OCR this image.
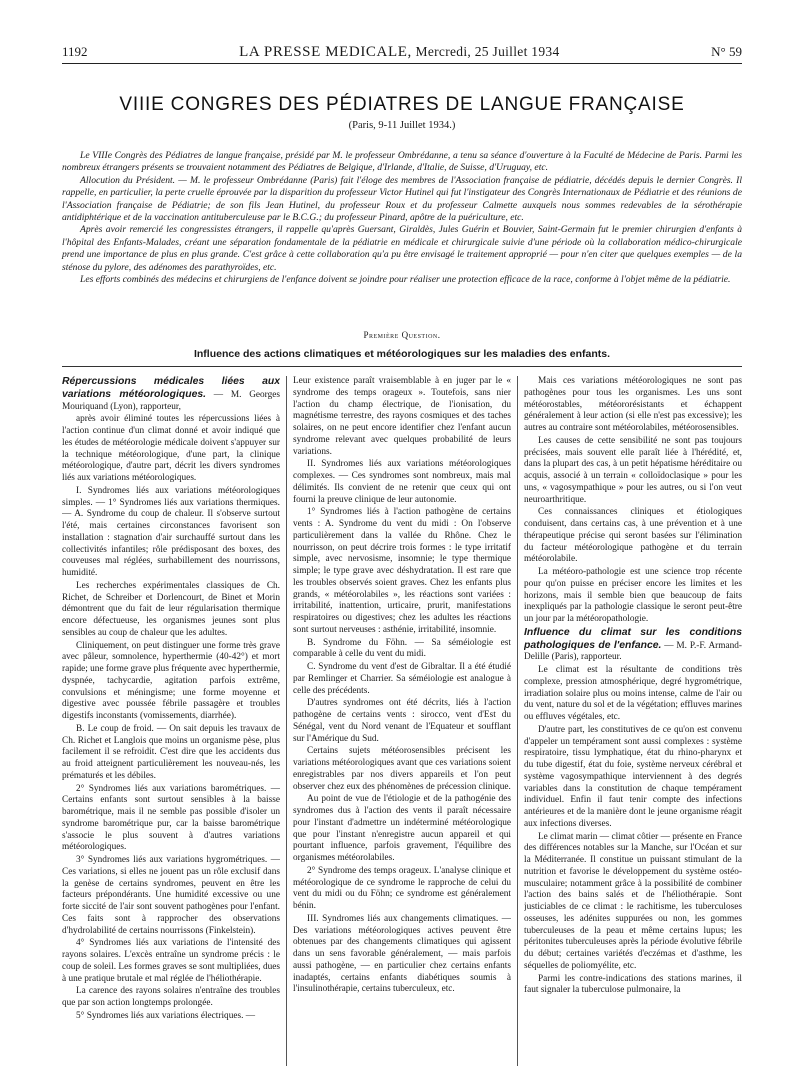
1192	LA PRESSE MEDICALE, Mercredi, 25 Juillet 1934	N° 59
VIIIE CONGRES DES PÉDIATRES DE LANGUE FRANÇAISE
(Paris, 9-11 Juillet 1934.)

Le VIIIe Congrès des Pédiatres de langue française, présidé par M. le professeur Ombrédanne, a tenu sa séance d'ouverture à la Faculté de Médecine de Paris. Parmi les nombreux étrangers présents se trouvaient notamment des Pédiatres de Belgique, d'Irlande, d'Italie, de Suisse, d'Uruguay, etc.

Allocution du Président. — M. le professeur Ombrédanne (Paris) fait l'éloge des membres de l'Association française de pédiatrie, décédés depuis le dernier Congrès. Il rappelle, en particulier, la perte cruelle éprouvée par la disparition du professeur Victor Hutinel qui fut l'instigateur des Congrès Internationaux de Pédiatrie et des réunions de l'Association française de Pédiatrie; de son fils Jean Hutinel, du professeur Roux et du professeur Calmette auxquels nous sommes redevables de la sérothérapie antidiphtérique et de la vaccination antituberculeuse par le B.C.G.; du professeur Pinard, apôtre de la puériculture, etc.

Après avoir remercié les congressistes étrangers, il rappelle qu'après Guersant, Giraldès, Jules Guérin et Bouvier, Saint-Germain fut le premier chirurgien d'enfants à l'hôpital des Enfants-Malades, créant une séparation fondamentale de la pédiatrie en médicale et chirurgicale suivie d'une période où la collaboration médico-chirurgicale prend une importance de plus en plus grande. C'est grâce à cette collaboration qu'a pu être envisagé le traitement approprié — pour n'en citer que quelques exemples — de la sténose du pylore, des adénomes des parathyroïdes, etc.

Les efforts combinés des médecins et chirurgiens de l'enfance doivent se joindre pour réaliser une protection efficace de la race, conforme à l'objet même de la pédiatrie.

Première Question.
Influence des actions climatiques et météorologiques sur les maladies des enfants.

Répercussions médicales liées aux variations météorologiques. — M. Georges Mouriquand (Lyon), rapporteur,

après avoir éliminé toutes les répercussions liées à l'action continue d'un climat donné et avoir indiqué que les études de météorologie médicale doivent s'appuyer sur la technique météorologique, d'une part, la clinique météorologique, d'autre part, décrit les divers syndromes liés aux variations météorologiques.

I. Syndromes liés aux variations météorologiques simples. — 1° Syndromes liés aux variations thermiques. — A. Syndrome du coup de chaleur. Il s'observe surtout l'été, mais certaines circonstances favorisent son installation : stagnation d'air surchauffé surtout dans les collectivités infantiles; rôle prédisposant des boxes, des couveuses mal réglées, surhabillement des nourrissons, humidité.

Les recherches expérimentales classiques de Ch. Richet, de Schreiber et Dorlencourt, de Binet et Morin démontrent que du fait de leur régularisation thermique encore défectueuse, les organismes jeunes sont plus sensibles au coup de chaleur que les adultes.

Cliniquement, on peut distinguer une forme très grave avec pâleur, somnolence, hyperthermie (40-42°) et mort rapide; une forme grave plus fréquente avec hyperthermie, dyspnée, tachycardie, agitation parfois extrême, convulsions et méningisme; une forme moyenne et digestive avec poussée fébrile passagère et troubles digestifs inconstants (vomissements, diarrhée).

B. Le coup de froid. — On sait depuis les travaux de Ch. Richet et Langlois que moins un organisme pèse, plus facilement il se refroidit. C'est dire que les accidents dus au froid atteignent particulièrement les nouveau-nés, les prématurés et les débiles.

2° Syndromes liés aux variations barométriques. — Certains enfants sont surtout sensibles à la baisse barométrique, mais il ne semble pas possible d'isoler un syndrome barométrique pur, car la baisse barométrique s'associe le plus souvent à d'autres variations météorologiques.

3° Syndromes liés aux variations hygrométriques. — Ces variations, si elles ne jouent pas un rôle exclusif dans la genèse de certains syndromes, peuvent en être les facteurs prépondérants. Une humidité excessive ou une forte siccité de l'air sont souvent pathogènes pour l'enfant. Ces faits sont à rapprocher des observations d'hydrolabilité de certains nourrissons (Finkelstein).

4° Syndromes liés aux variations de l'intensité des rayons solaires. L'excès entraîne un syndrome précis : le coup de soleil. Les formes graves se sont multipliées, dues à une pratique brutale et mal réglée de l'héliothérapie.

La carence des rayons solaires n'entraîne des troubles que par son action longtemps prolongée.

5° Syndromes liés aux variations électriques. —

Leur existence paraît vraisemblable à en juger par le « syndrome des temps orageux ». Toutefois, sans nier l'action du champ électrique, de l'ionisation, du magnétisme terrestre, des rayons cosmiques et des taches solaires, on ne peut encore identifier chez l'enfant aucun syndrome relevant avec quelques probabilité de leurs variations.

II. Syndromes liés aux variations météorologiques complexes. — Ces syndromes sont nombreux, mais mal délimités. Ils convient de ne retenir que ceux qui ont fourni la preuve clinique de leur autonomie.

1° Syndromes liés à l'action pathogène de certains vents : A. Syndrome du vent du midi : On l'observe particulièrement dans la vallée du Rhône. Chez le nourrisson, on peut décrire trois formes : le type irritatif simple, avec nervosisme, insomnie; le type thermique simple; le type grave avec déshydratation. Il est rare que les troubles observés soient graves. Chez les enfants plus grands, « météorolabiles », les réactions sont variées : irritabilité, inattention, urticaire, prurit, manifestations respiratoires ou digestives; chez les adultes les réactions sont surtout nerveuses : asthénie, irritabilité, insomnie.

B. Syndrome du Föhn. — Sa séméiologie est comparable à celle du vent du midi.

C. Syndrome du vent d'est de Gibraltar. Il a été étudié par Remlinger et Charrier. Sa séméiologie est analogue à celle des précédents.

D'autres syndromes ont été décrits, liés à l'action pathogène de certains vents : sirocco, vent d'Est du Sénégal, vent du Nord venant de l'Equateur et soufflant sur l'Amérique du Sud.

Certains sujets météorosensibles précisent les variations météorologiques avant que ces variations soient enregistrables par nos divers appareils et l'on peut observer chez eux des phénomènes de précession clinique.

Au point de vue de l'étiologie et de la pathogénie des syndromes dus à l'action des vents il paraît nécessaire pour l'instant d'admettre un indéterminé météorologique que pour l'instant n'enregistre aucun appareil et qui pourtant influence, parfois gravement, l'équilibre des organismes météorolabiles.

2° Syndrome des temps orageux. L'analyse clinique et météorologique de ce syndrome le rapproche de celui du vent du midi ou du Föhn; ce syndrome est généralement bénin.

III. Syndromes liés aux changements climatiques. — Des variations météorologiques actives peuvent être obtenues par des changements climatiques qui agissent dans un sens favorable généralement, — mais parfois aussi pathogène, — en particulier chez certains enfants inadaptés, certains enfants diabétiques soumis à l'insulinothérapie, certains tuberculeux, etc.

Mais ces variations météorologiques ne sont pas pathogènes pour tous les organismes. Les uns sont météorostables, météororésistants et échappent généralement à leur action (si elle n'est pas excessive); les autres au contraire sont météorolabiles, météorosensibles.

Les causes de cette sensibilité ne sont pas toujours précisées, mais souvent elle paraît liée à l'hérédité, et, dans la plupart des cas, à un petit hépatisme héréditaire ou acquis, associé à un terrain « colloïdoclasique » pour les uns, « vagosympathique » pour les autres, ou si l'on veut neuroarthritique.

Ces connaissances cliniques et étiologiques conduisent, dans certains cas, à une prévention et à une thérapeutique précise qui seront basées sur l'élimination du facteur météorologique pathogène et du terrain météorolabile.

La météoro-pathologie est une science trop récente pour qu'on puisse en préciser encore les limites et les horizons, mais il semble bien que beaucoup de faits inexpliqués par la pathologie classique le seront peut-être un jour par la météoropathologie.

Influence du climat sur les conditions pathologiques de l'enfance. — M. P.-F. Armand-Delille (Paris), rapporteur.

Le climat est la résultante de conditions très complexe, pression atmosphérique, degré hygrométrique, irradiation solaire plus ou moins intense, calme de l'air ou du vent, nature du sol et de la végétation; effluves marines ou effluves végétales, etc.

D'autre part, les constitutives de ce qu'on est convenu d'appeler un tempérament sont aussi complexes : système respiratoire, tissu lymphatique, état du rhino-pharynx et du tube digestif, état du foie, système nerveux cérébral et système vagosympathique interviennent à des degrés variables dans la constitution de chaque tempérament individuel. Enfin il faut tenir compte des infections antérieures et de la manière dont le jeune organisme réagit aux infections diverses.

Le climat marin — climat côtier — présente en France des différences notables sur la Manche, sur l'Océan et sur la Méditerranée. Il constitue un puissant stimulant de la nutrition et favorise le développement du système ostéo-musculaire; notamment grâce à la possibilité de combiner l'action des bains salés et de l'héliothérapie. Sont justiciables de ce climat : le rachitisme, les tuberculoses osseuses, les adénites suppurées ou non, les gommes tuberculeuses de la peau et même certains lupus; les péritonites tuberculeuses après la période évolutive fébrile du début; certaines variétés d'eczémas et d'asthme, les séquelles de poliomyélite, etc.

Parmi les contre-indications des stations marines, il faut signaler la tuberculose pulmonaire, la
